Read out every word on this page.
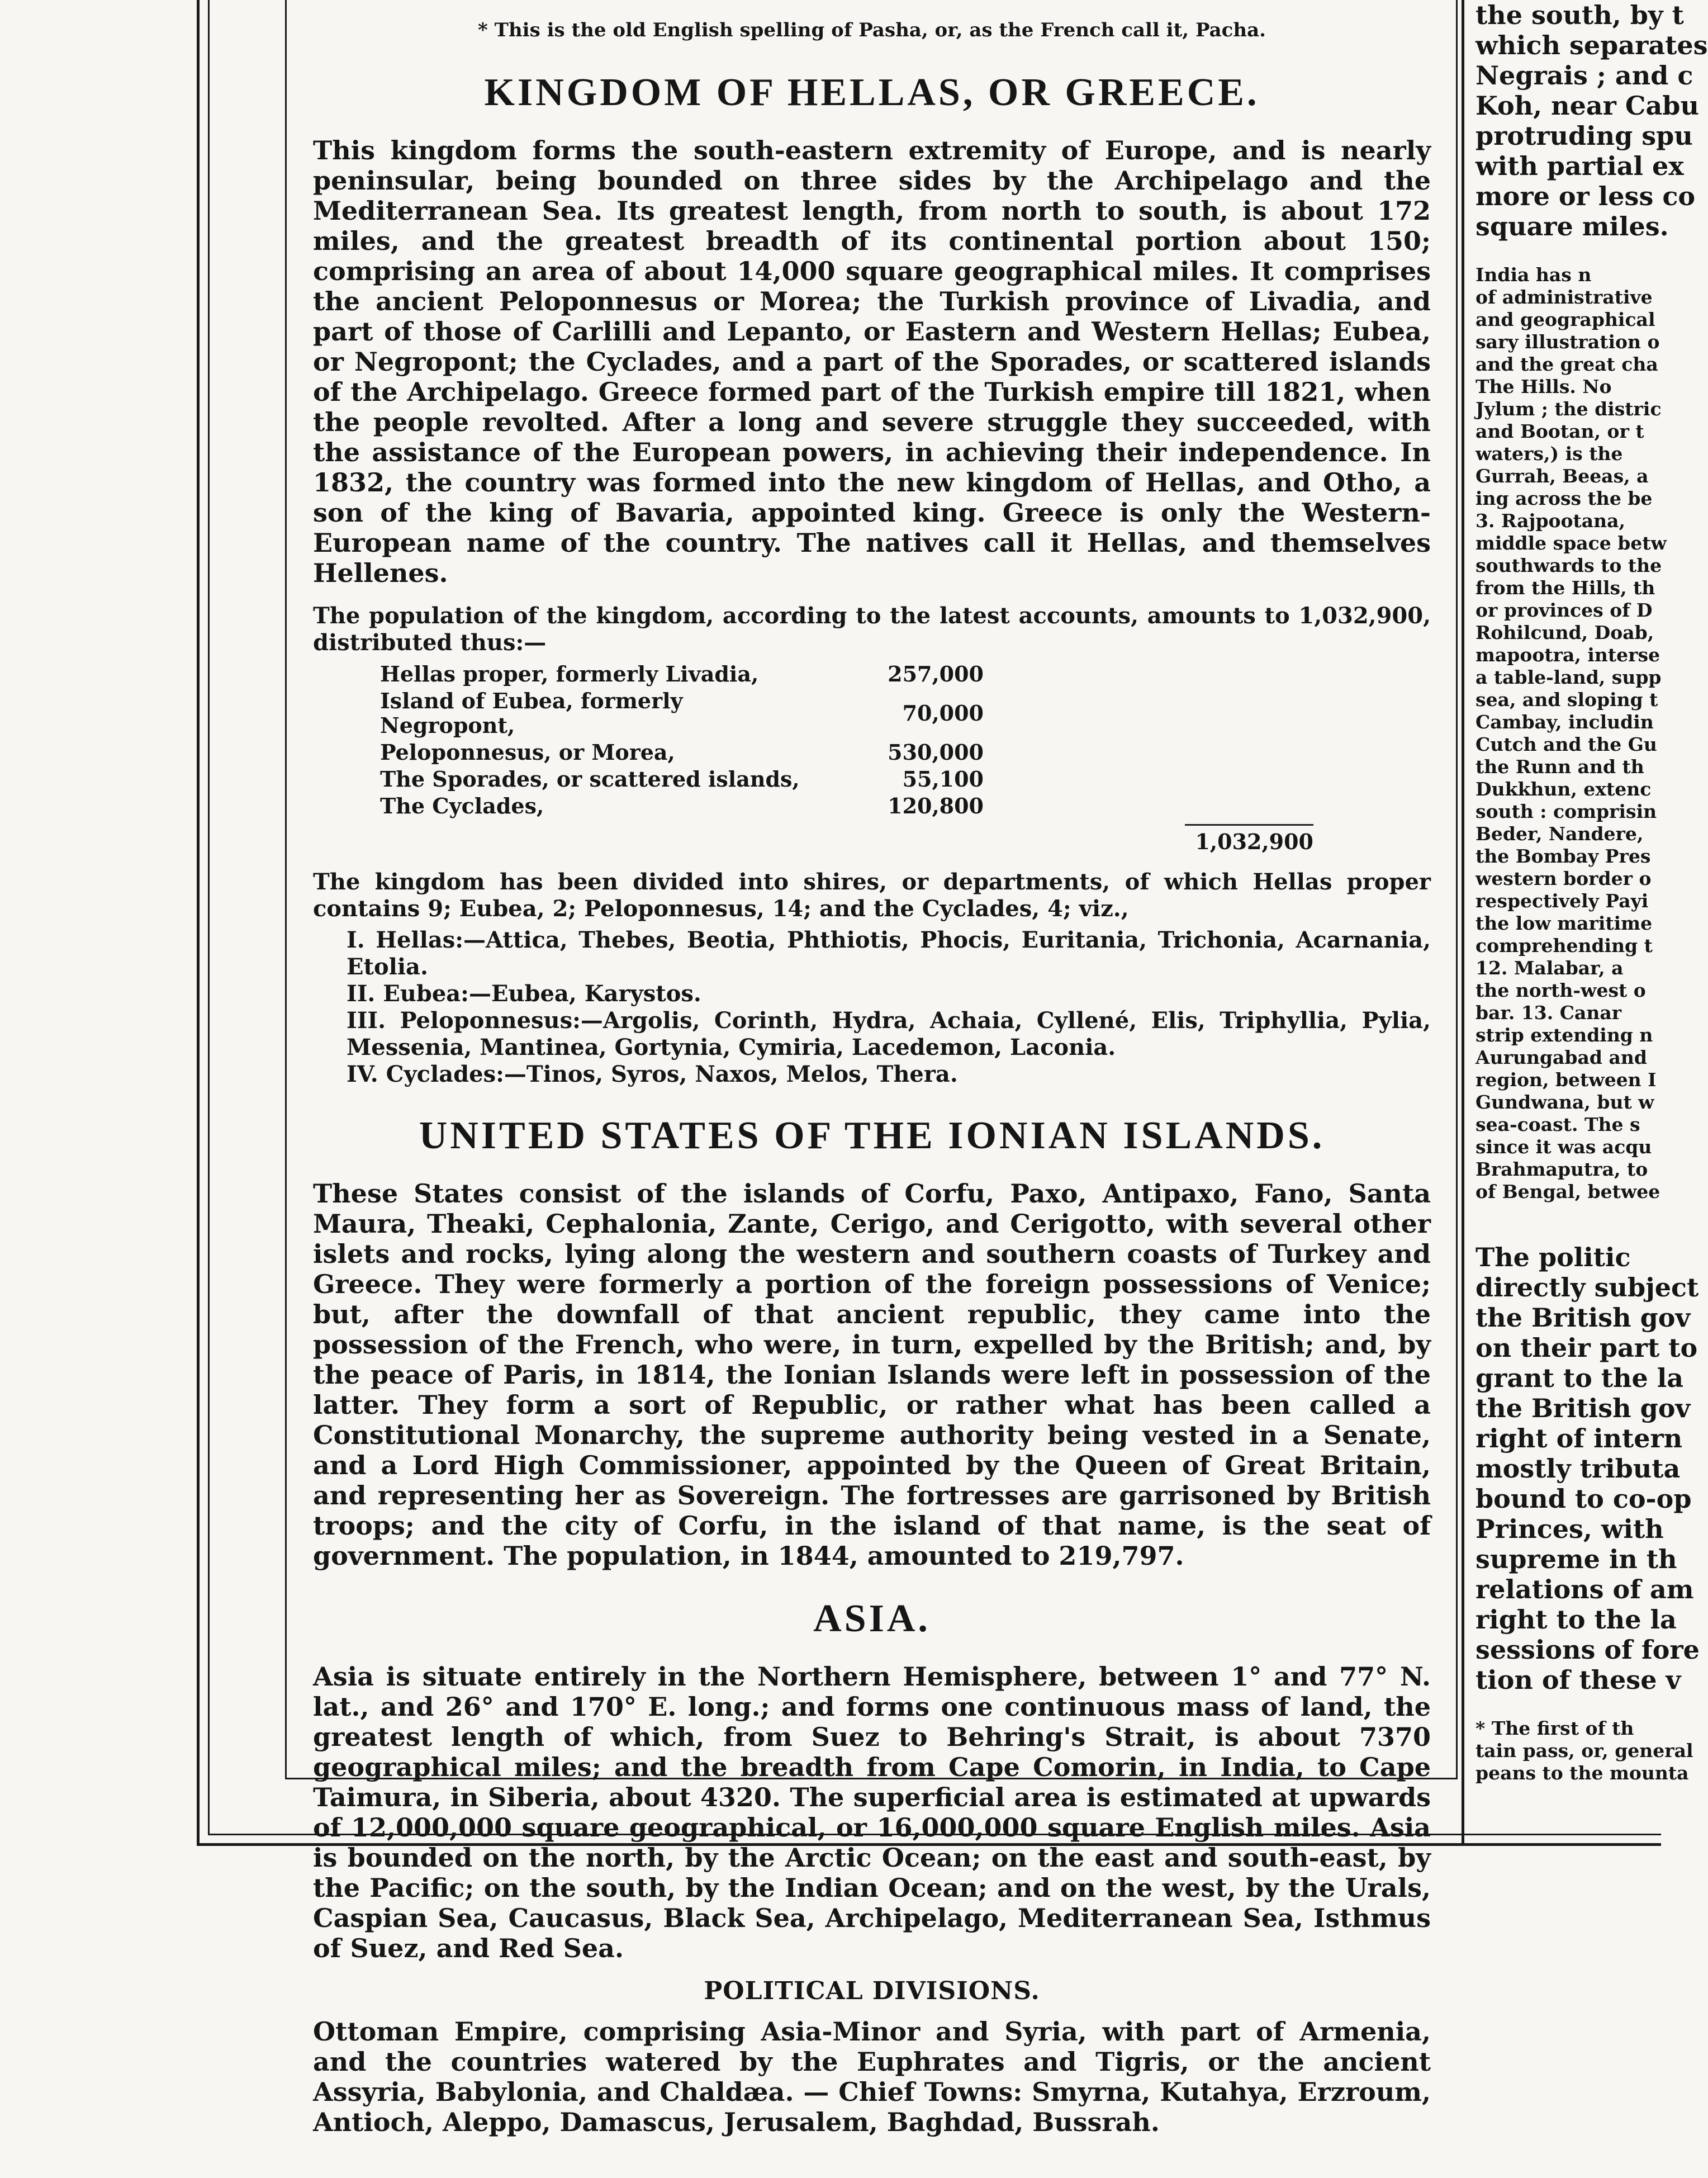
* This is the old English spelling of Pasha, or, as the French call it, Pacha.
KINGDOM OF HELLAS, OR GREECE.

This kingdom forms the south-eastern extremity of Europe, and is nearly peninsular, being bounded on three sides by the Archipelago and the Mediterranean Sea. Its greatest length, from north to south, is about 172 miles, and the greatest breadth of its continental portion about 150; comprising an area of about 14,000 square geographical miles. It comprises the ancient Peloponnesus or Morea; the Turkish province of Livadia, and part of those of Carlilli and Lepanto, or Eastern and Western Hellas; Eubea, or Negropont; the Cyclades, and a part of the Sporades, or scattered islands of the Archipelago. Greece formed part of the Turkish empire till 1821, when the people revolted. After a long and severe struggle they succeeded, with the assistance of the European powers, in achieving their independence. In 1832, the country was formed into the new kingdom of Hellas, and Otho, a son of the king of Bavaria, appointed king. Greece is only the Western-European name of the country. The natives call it Hellas, and themselves Hellenes.

The population of the kingdom, according to the latest accounts, amounts to 1,032,900, distributed thus:—

Hellas proper, formerly Livadia,	257,000
Island of Eubea, formerly Negropont,	70,000
Peloponnesus, or Morea,	530,000
The Sporades, or scattered islands,	55,100
The Cyclades,	120,800
1,032,900

The kingdom has been divided into shires, or departments, of which Hellas proper contains 9; Eubea, 2; Peloponnesus, 14; and the Cyclades, 4; viz.,

I. Hellas:—Attica, Thebes, Beotia, Phthiotis, Phocis, Euritania, Trichonia, Acarnania, Etolia.
II. Eubea:—Eubea, Karystos.
III. Peloponnesus:—Argolis, Corinth, Hydra, Achaia, Cyllené, Elis, Triphyllia, Pylia, Messenia, Mantinea, Gortynia, Cymiria, Lacedemon, Laconia.
IV. Cyclades:—Tinos, Syros, Naxos, Melos, Thera.
UNITED STATES OF THE IONIAN ISLANDS.

These States consist of the islands of Corfu, Paxo, Antipaxo, Fano, Santa Maura, Theaki, Cephalonia, Zante, Cerigo, and Cerigotto, with several other islets and rocks, lying along the western and southern coasts of Turkey and Greece. They were formerly a portion of the foreign possessions of Venice; but, after the downfall of that ancient republic, they came into the possession of the French, who were, in turn, expelled by the British; and, by the peace of Paris, in 1814, the Ionian Islands were left in possession of the latter. They form a sort of Republic, or rather what has been called a Constitutional Monarchy, the supreme authority being vested in a Senate, and a Lord High Commissioner, appointed by the Queen of Great Britain, and representing her as Sovereign. The fortresses are garrisoned by British troops; and the city of Corfu, in the island of that name, is the seat of government. The population, in 1844, amounted to 219,797.

ASIA.

Asia is situate entirely in the Northern Hemisphere, between 1° and 77° N. lat., and 26° and 170° E. long.; and forms one continuous mass of land, the greatest length of which, from Suez to Behring's Strait, is about 7370 geographical miles; and the breadth from Cape Comorin, in India, to Cape Taimura, in Siberia, about 4320. The superficial area is estimated at upwards of 12,000,000 square geographical, or 16,000,000 square English miles. Asia is bounded on the north, by the Arctic Ocean; on the east and south-east, by the Pacific; on the south, by the Indian Ocean; and on the west, by the Urals, Caspian Sea, Caucasus, Black Sea, Archipelago, Mediterranean Sea, Isthmus of Suez, and Red Sea.

POLITICAL DIVISIONS.

Ottoman Empire, comprising Asia-Minor and Syria, with part of Armenia, and the countries watered by the Euphrates and Tigris, or the ancient Assyria, Babylonia, and Chaldæa. — Chief Towns: Smyrna, Kutahya, Erzroum, Antioch, Aleppo, Damascus, Jerusalem, Baghdad, Bussrah.

the south, by t
which separates
Negrais ; and c
Koh, near Cabu
protruding spu
with partial ex
more or less co
square miles.
India has n
of administrative
and geographical
sary illustration o
and the great cha
The Hills. No
Jylum ; the distric
and Bootan, or t
waters,) is the
Gurrah, Beeas, a
ing across the be
3. Rajpootana,
middle space betw
southwards to the
from the Hills, th
or provinces of D
Rohilcund, Doab,
mapootra, interse
a table-land, supp
sea, and sloping t
Cambay, includin
Cutch and the Gu
the Runn and th
Dukkhun, extenc
south : comprisin
Beder, Nandere,
the Bombay Pres
western border o
respectively Payi
the low maritime
comprehending t
12. Malabar, a
the north-west o
bar. 13. Canar
strip extending n
Aurungabad and
region, between I
Gundwana, but w
sea-coast. The s
since it was acqu
Brahmaputra, to
of Bengal, betwee
The politic
directly subject
the British gov
on their part to
grant to the la
the British gov
right of intern
mostly tributa
bound to co-op
Princes, with
supreme in th
relations of am
right to the la
sessions of fore
tion of these v
* The first of th
tain pass, or, general
peans to the mounta
